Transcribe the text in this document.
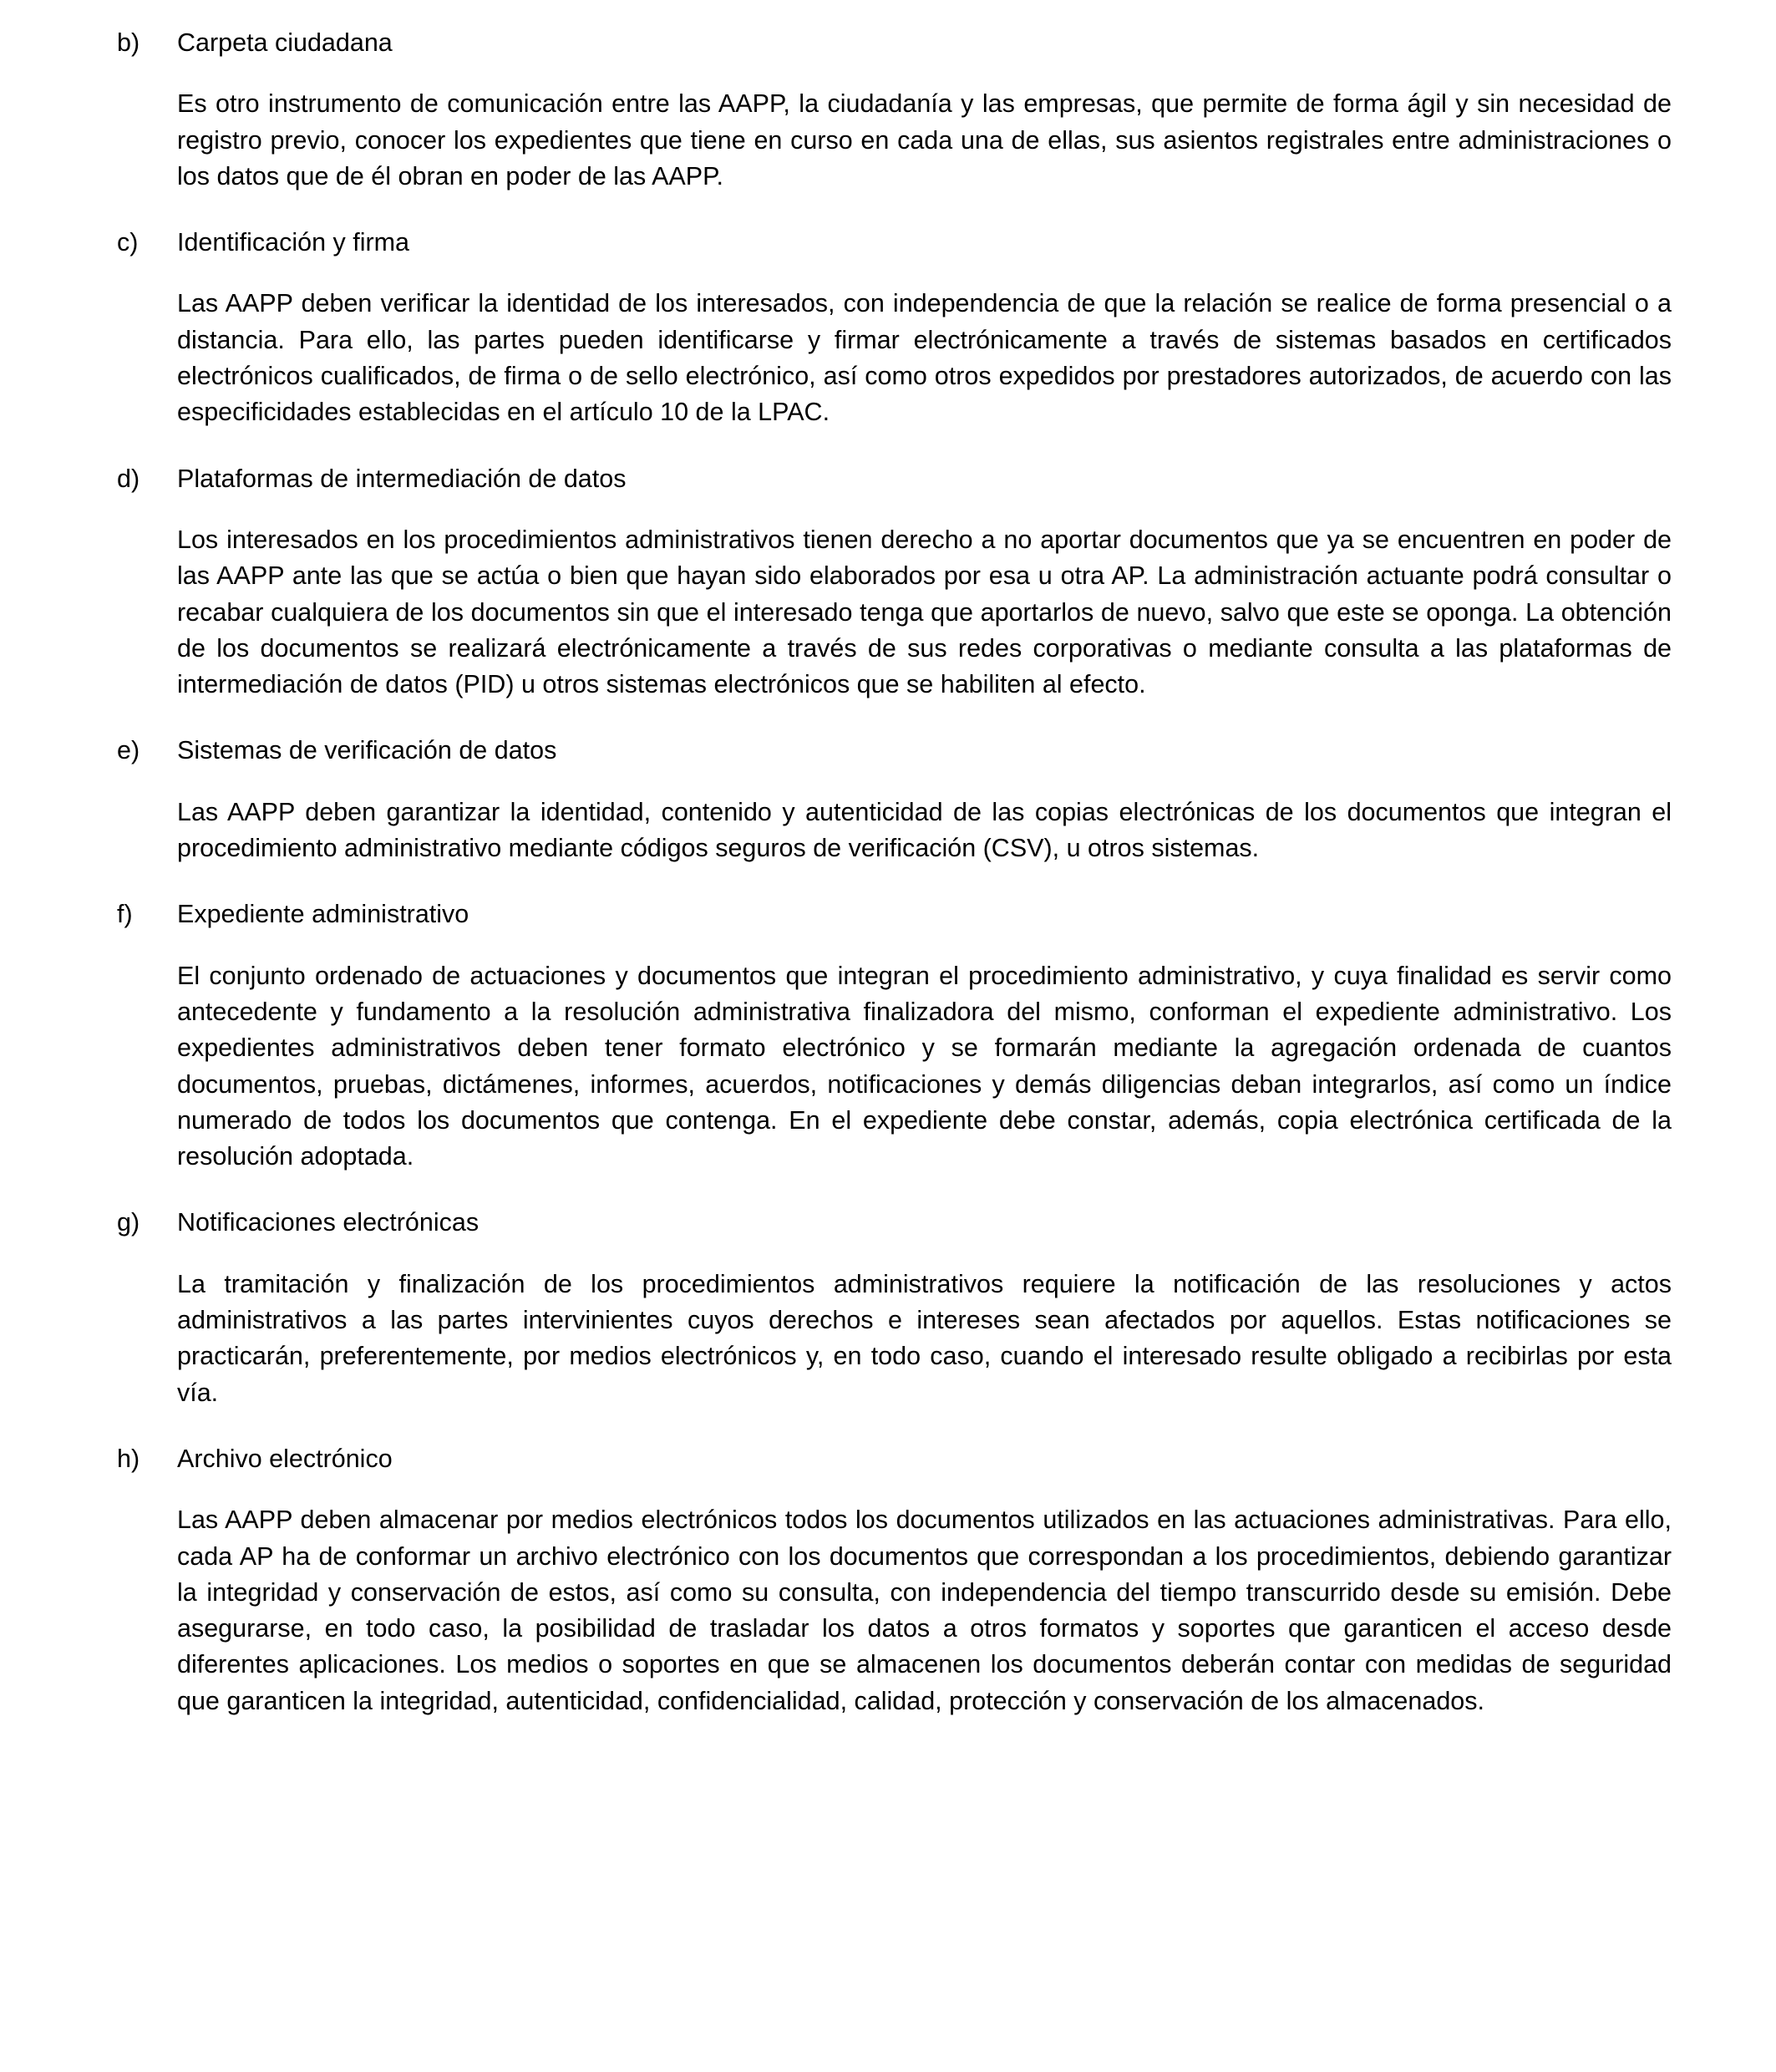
b)	Carpeta ciudadana

Es otro instrumento de comunicación entre las AAPP, la ciudadanía y las empresas, que permite de forma ágil y sin necesidad de registro previo, conocer los expedientes que tiene en curso en cada una de ellas, sus asientos registrales entre administraciones o los datos que de él obran en poder de las AAPP.

c)	Identificación y firma

Las AAPP deben verificar la identidad de los interesados, con independencia de que la relación se realice de forma presencial o a distancia. Para ello, las partes pueden identificarse y firmar electrónicamente a través de sistemas basados en certificados electrónicos cualificados, de firma o de sello electrónico, así como otros expedidos por prestadores autorizados, de acuerdo con las especificidades establecidas en el artículo 10 de la LPAC.

d)	Plataformas de intermediación de datos

Los interesados en los procedimientos administrativos tienen derecho a no aportar documentos que ya se encuentren en poder de las AAPP ante las que se actúa o bien que hayan sido elaborados por esa u otra AP. La administración actuante podrá consultar o recabar cualquiera de los documentos sin que el interesado tenga que aportarlos de nuevo, salvo que este se oponga. La obtención de los documentos se realizará electrónicamente a través de sus redes corporativas o mediante consulta a las plataformas de intermediación de datos (PID) u otros sistemas electrónicos que se habiliten al efecto.

e)	Sistemas de verificación de datos

Las AAPP deben garantizar la identidad, contenido y autenticidad de las copias electrónicas de los documentos que integran el procedimiento administrativo mediante códigos seguros de verificación (CSV), u otros sistemas.

f)	Expediente administrativo

El conjunto ordenado de actuaciones y documentos que integran el procedimiento administrativo, y cuya finalidad es servir como antecedente y fundamento a la resolución administrativa finalizadora del mismo, conforman el expediente administrativo. Los expedientes administrativos deben tener formato electrónico y se formarán mediante la agregación ordenada de cuantos documentos, pruebas, dictámenes, informes, acuerdos, notificaciones y demás diligencias deban integrarlos, así como un índice numerado de todos los documentos que contenga. En el expediente debe constar, además, copia electrónica certificada de la resolución adoptada.

g)	Notificaciones electrónicas

La tramitación y finalización de los procedimientos administrativos requiere la notificación de las resoluciones y actos administrativos a las partes intervinientes cuyos derechos e intereses sean afectados por aquellos. Estas notificaciones se practicarán, preferentemente, por medios electrónicos y, en todo caso, cuando el interesado resulte obligado a recibirlas por esta vía.

h)	Archivo electrónico

Las AAPP deben almacenar por medios electrónicos todos los documentos utilizados en las actuaciones administrativas. Para ello, cada AP ha de conformar un archivo electrónico con los documentos que correspondan a los procedimientos, debiendo garantizar la integridad y conservación de estos, así como su consulta, con independencia del tiempo transcurrido desde su emisión. Debe asegurarse, en todo caso, la posibilidad de trasladar los datos a otros formatos y soportes que garanticen el acceso desde diferentes aplicaciones. Los medios o soportes en que se almacenen los documentos deberán contar con medidas de seguridad que garanticen la integridad, autenticidad, confidencialidad, calidad, protección y conservación de los almacenados.
